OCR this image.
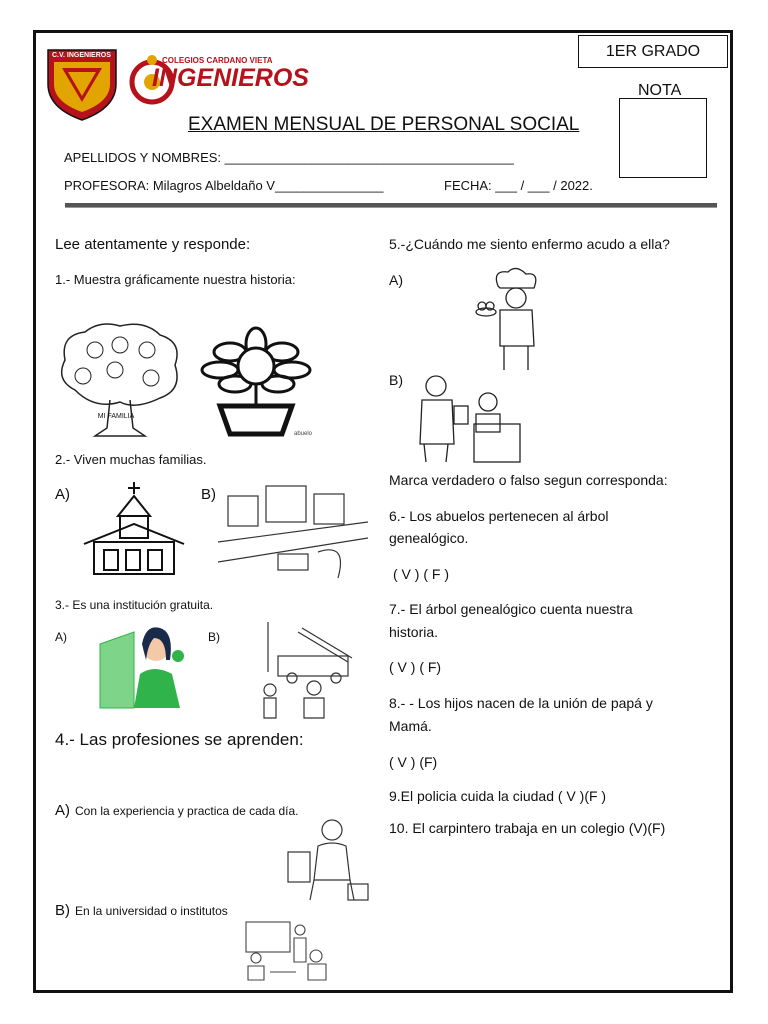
C.V. INGENIEROS
COLEGIOS CARDANO VIETA
INGENIEROS
1ER GRADO
NOTA
EXAMEN MENSUAL DE PERSONAL SOCIAL
APELLIDOS Y NOMBRES: ________________________________________
PROFESORA: Milagros Albeldaño V_______________	FECHA: ___ / ___ / 2022.
Lee atentamente y responde:
1.- Muestra gráficamente nuestra historia:
MI FAMILIA
abuelo
2.- Viven muchas familias.
A)	B)
3.- Es una institución gratuita.
A)	B)
4.- Las profesiones se aprenden:
A) Con la experiencia y practica de cada día.
B) En la universidad o institutos
5.-¿Cuándo me siento enfermo acudo a ella?
A)
B)
Marca verdadero o falso segun corresponda:
6.- Los abuelos pertenecen al árbol
genealógico.
( V ) ( F )
7.- El árbol genealógico cuenta nuestra
historia.
( V ) ( F)
8.- - Los hijos nacen de la unión de papá y
Mamá.
( V ) (F)
9.El policia cuida la ciudad ( V )(F )
10. El carpintero trabaja en un colegio (V)(F)
